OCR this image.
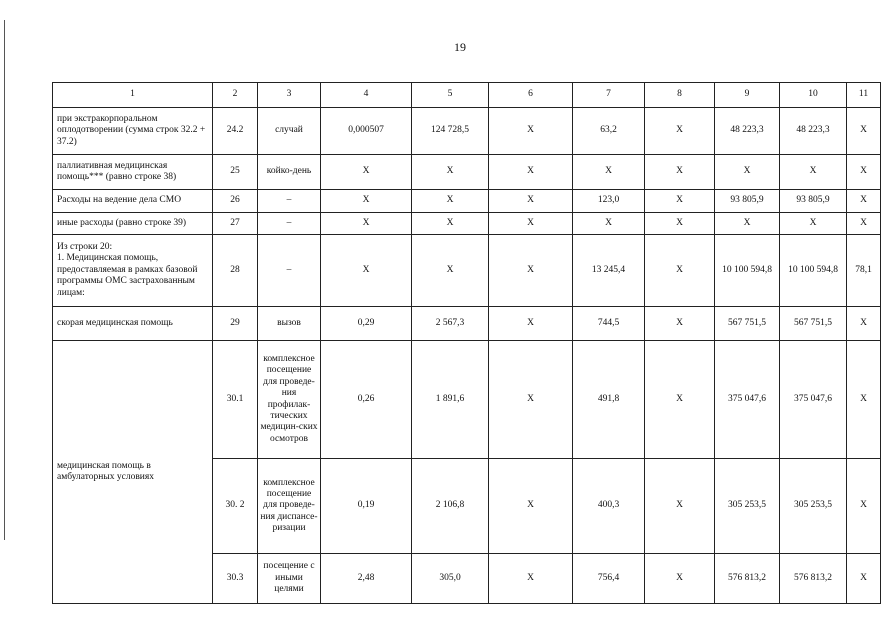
19
1	2	3	4	5	6	7	8	9	10	11
при экстракорпоральном оплодотворении (сумма строк 32.2 + 37.2)	24.2	случай	0,000507	124 728,5	X	63,2	X	48 223,3	48 223,3	X
паллиативная медицинская помощь*** (равно строке 38)	25	койко-день	X	X	X	X	X	X	X	X
Расходы на ведение дела СМО	26	–	X	X	X	123,0	X	93 805,9	93 805,9	X
иные расходы (равно строке 39)	27	–	X	X	X	X	X	X	X	X

Из строки 20:
1. Медицинская помощь, предоставляемая в рамках базовой программы ОМС застрахованным лицам:	28	–	X	X	X	13 245,4	X	10 100 594,8	10 100 594,8	78,1
скорая медицинская помощь	29	вызов	0,29	2 567,3	X	744,5	X	567 751,5	567 751,5	X
медицинская помощь в амбулаторных условиях	30.1	комплексное посещение для проведе-ния профилак-тических медицин-ских осмотров	0,26	1 891,6	X	491,8	X	375 047,6	375 047,6	X
	30. 2	комплексное посещение для проведе-ния диспансе-ризации	0,19	2 106,8	X	400,3	X	305 253,5	305 253,5	X
	30.3	посещение с иными целями	2,48	305,0	X	756,4	X	576 813,2	576 813,2	X
